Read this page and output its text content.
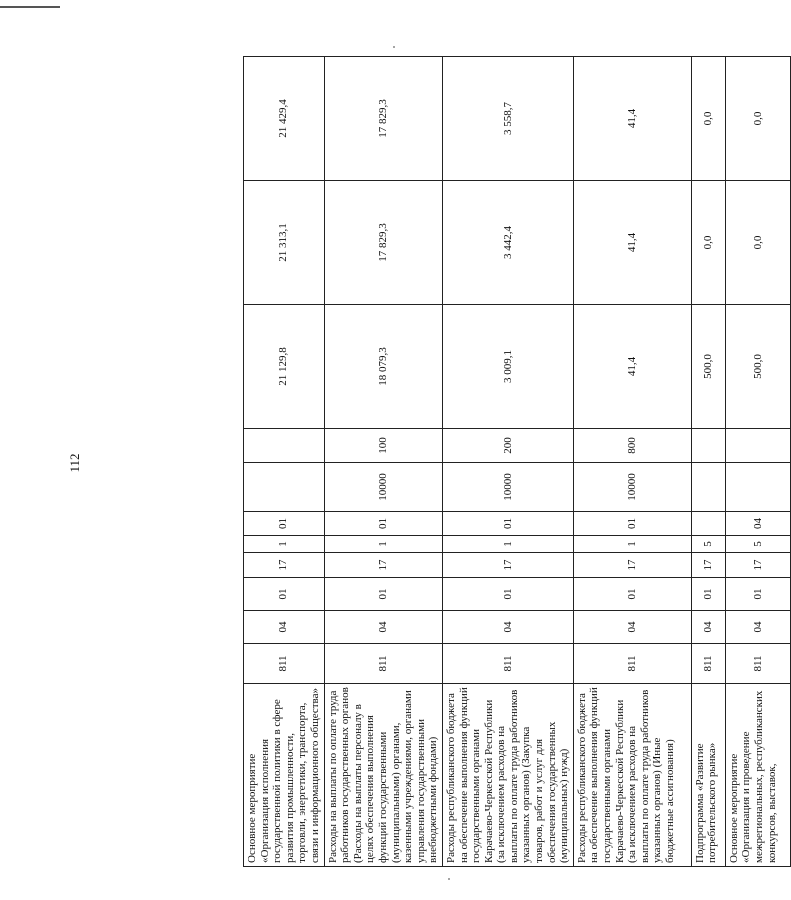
112
Основное мероприятие «Организация исполнения государственной политики в сфере развития промышленности, торговли, энергетики, транспорта, связи и информационного общества»	811	04	01	17	1	01			21 129,8	21 313,1	21 429,4
Расходы на выплаты по оплате труда работников государственных органов (Расходы на выплаты персоналу в целях обеспечения выполнения функций государственными (муниципальными) органами, казенными учреждениями, органами управления государственными внебюджетными фондами)	811	04	01	17	1	01	10000	100	18 079,3	17 829,3	17 829,3
Расходы республиканского бюджета на обеспечение выполнения функций государственными органами Карачаево-Черкесской Республики (за исключением расходов на выплаты по оплате труда работников указанных органов) (Закупка товаров, работ и услуг для обеспечения государственных (муниципальных) нужд)	811	04	01	17	1	01	10000	200	3 009,1	3 442,4	3 558,7
Расходы республиканского бюджета на обеспечение выполнения функций государственными органами Карачаево-Черкесской Республики (за исключением расходов на выплаты по оплате труда работников указанных органов) (Иные бюджетные ассигнования)	811	04	01	17	1	01	10000	800	41,4	41,4	41,4
Подпрограмма «Развитие потребительского рынка»	811	04	01	17	5				500,0	0,0	0,0
Основное мероприятие «Организация и проведение межрегиональных, республиканских конкурсов, выставок,	811	04	01	17	5	04			500,0	0,0	0,0
